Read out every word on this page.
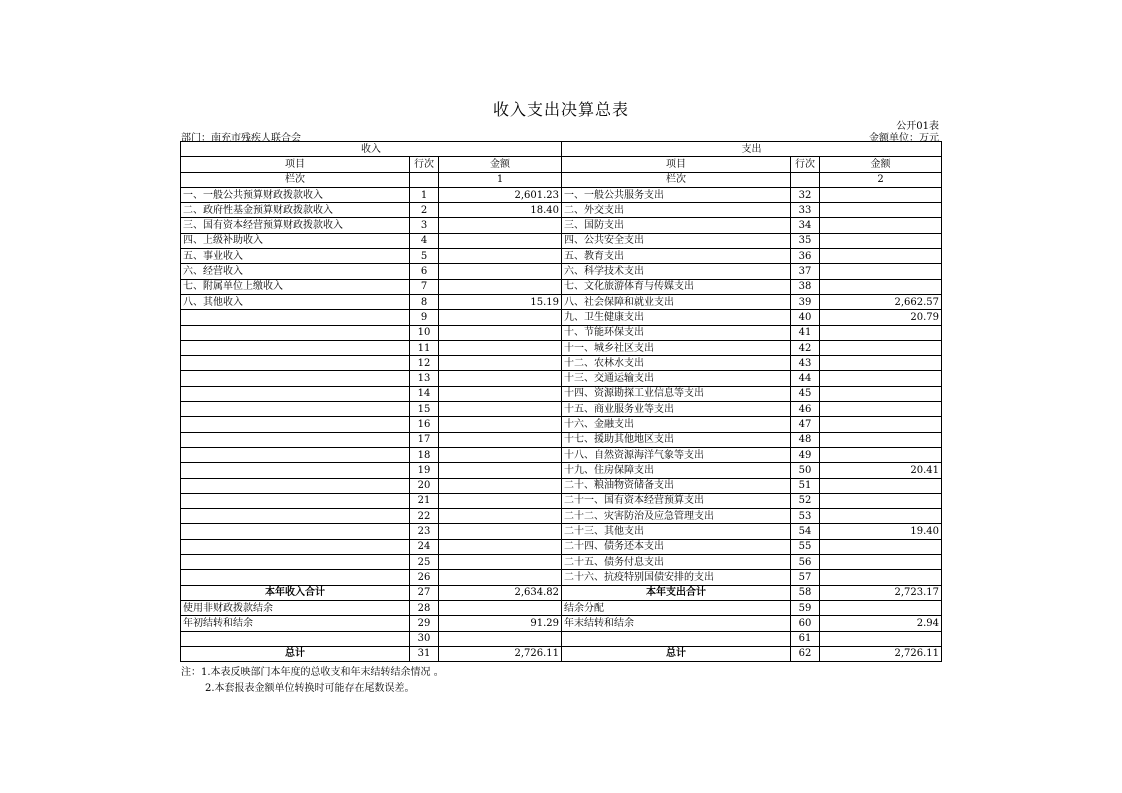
收入支出决算总表
公开01表
部门：南充市残疾人联合会	金额单位：万元
收入			支出		
项目	行次	金额	项目	行次	金额
栏次		1	栏次		2
一、一般公共预算财政拨款收入	1	2,601.23	一、一般公共服务支出	32	
二、政府性基金预算财政拨款收入	2	18.40	二、外交支出	33	
三、国有资本经营预算财政拨款收入	3		三、国防支出	34	
四、上级补助收入	4		四、公共安全支出	35	
五、事业收入	5		五、教育支出	36	
六、经营收入	6		六、科学技术支出	37	
七、附属单位上缴收入	7		七、文化旅游体育与传媒支出	38	
八、其他收入	8	15.19	八、社会保障和就业支出	39	2,662.57
	9		九、卫生健康支出	40	20.79
	10		十、节能环保支出	41	
	11		十一、城乡社区支出	42	
	12		十二、农林水支出	43	
	13		十三、交通运输支出	44	
	14		十四、资源勘探工业信息等支出	45	
	15		十五、商业服务业等支出	46	
	16		十六、金融支出	47	
	17		十七、援助其他地区支出	48	
	18		十八、自然资源海洋气象等支出	49	
	19		十九、住房保障支出	50	20.41
	20		二十、粮油物资储备支出	51	
	21		二十一、国有资本经营预算支出	52	
	22		二十二、灾害防治及应急管理支出	53	
	23		二十三、其他支出	54	19.40
	24		二十四、债务还本支出	55	
	25		二十五、债务付息支出	56	
	26		二十六、抗疫特别国债安排的支出	57	
本年收入合计	27	2,634.82	本年支出合计	58	2,723.17
使用非财政拨款结余	28		结余分配	59	
年初结转和结余	29	91.29	年末结转和结余	60	2.94
	30			61	
总计	31	2,726.11	总计	62	2,726.11
注：1.本表反映部门本年度的总收支和年末结转结余情况 。
2.本套报表金额单位转换时可能存在尾数误差。
